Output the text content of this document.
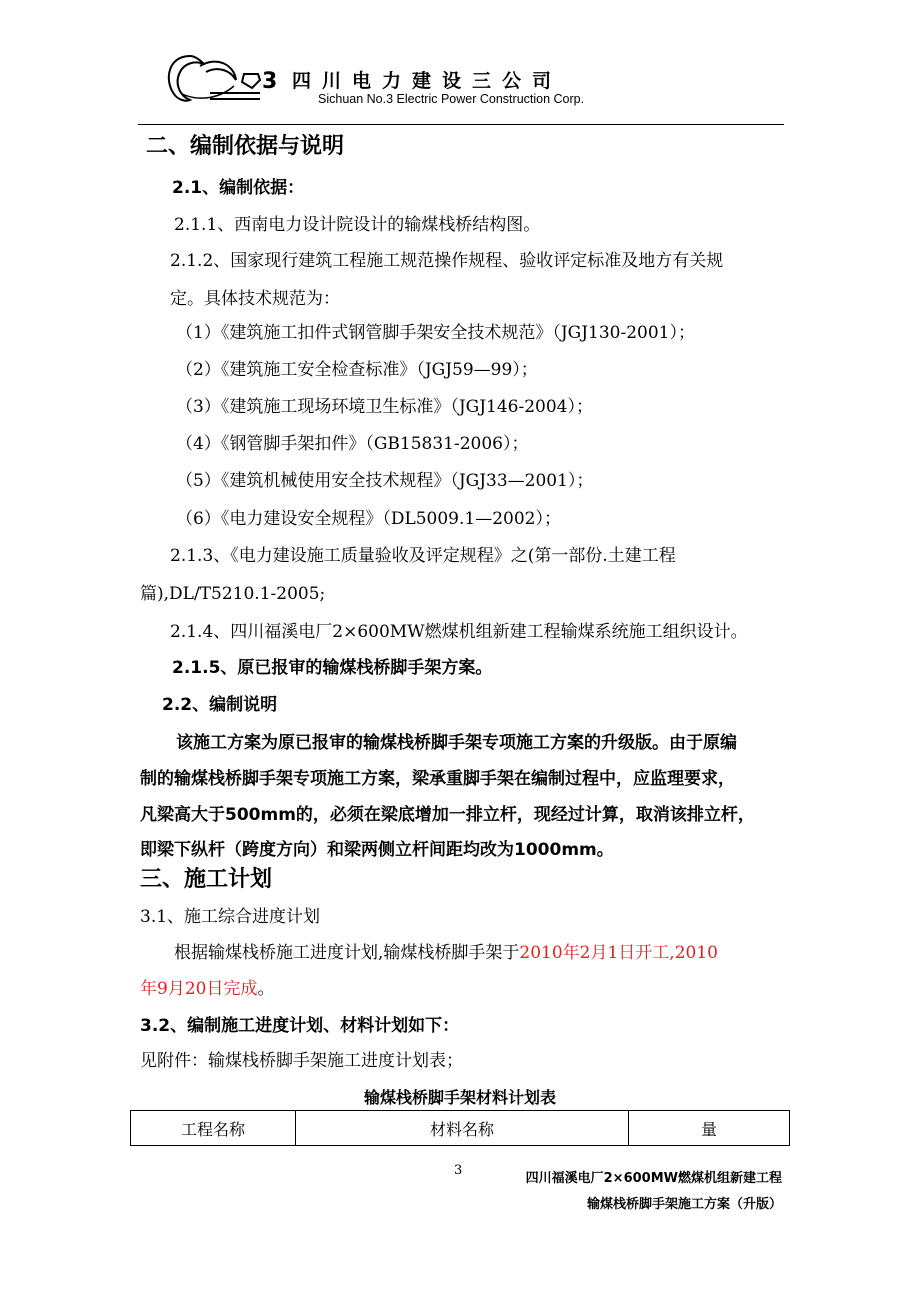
3 四川电力建设三公司
Sichuan No.3 Electric Power Construction Corp.
二、编制依据与说明
2.1、编制依据：
2.1.1、西南电力设计院设计的输煤栈桥结构图。
2.1.2、国家现行建筑工程施工规范操作规程、验收评定标准及地方有关规
定。具体技术规范为：
（1）《建筑施工扣件式钢管脚手架安全技术规范》（JGJ130-2001）；
（2）《建筑施工安全检查标准》（JGJ59—99）；
（3）《建筑施工现场环境卫生标准》（JGJ146-2004）；
（4）《钢管脚手架扣件》（GB15831-2006）；
（5）《建筑机械使用安全技术规程》（JGJ33—2001）；
（6）《电力建设安全规程》（DL5009.1—2002）；
2.1.3、《电力建设施工质量验收及评定规程》之(第一部份.土建工程
篇),DL/T5210.1-2005;
2.1.4、四川福溪电厂2×600MW燃煤机组新建工程输煤系统施工组织设计。
2.1.5、原已报审的输煤栈桥脚手架方案。
2.2、编制说明
该施工方案为原已报审的输煤栈桥脚手架专项施工方案的升级版。由于原编
制的输煤栈桥脚手架专项施工方案，梁承重脚手架在编制过程中，应监理要求，
凡梁高大于500mm的，必须在梁底增加一排立杆，现经过计算，取消该排立杆，
即梁下纵杆（跨度方向）和梁两侧立杆间距均改为1000mm。
三、施工计划
3.1、施工综合进度计划
根据输煤栈桥施工进度计划,输煤栈桥脚手架于2010年2月1日开工,2010
年9月20日完成。
3.2、编制施工进度计划、材料计划如下：
见附件：输煤栈桥脚手架施工进度计划表；
输煤栈桥脚手架材料计划表
工程名称	材料名称	量
3
四川福溪电厂2×600MW燃煤机组新建工程
输煤栈桥脚手架施工方案（升版）
